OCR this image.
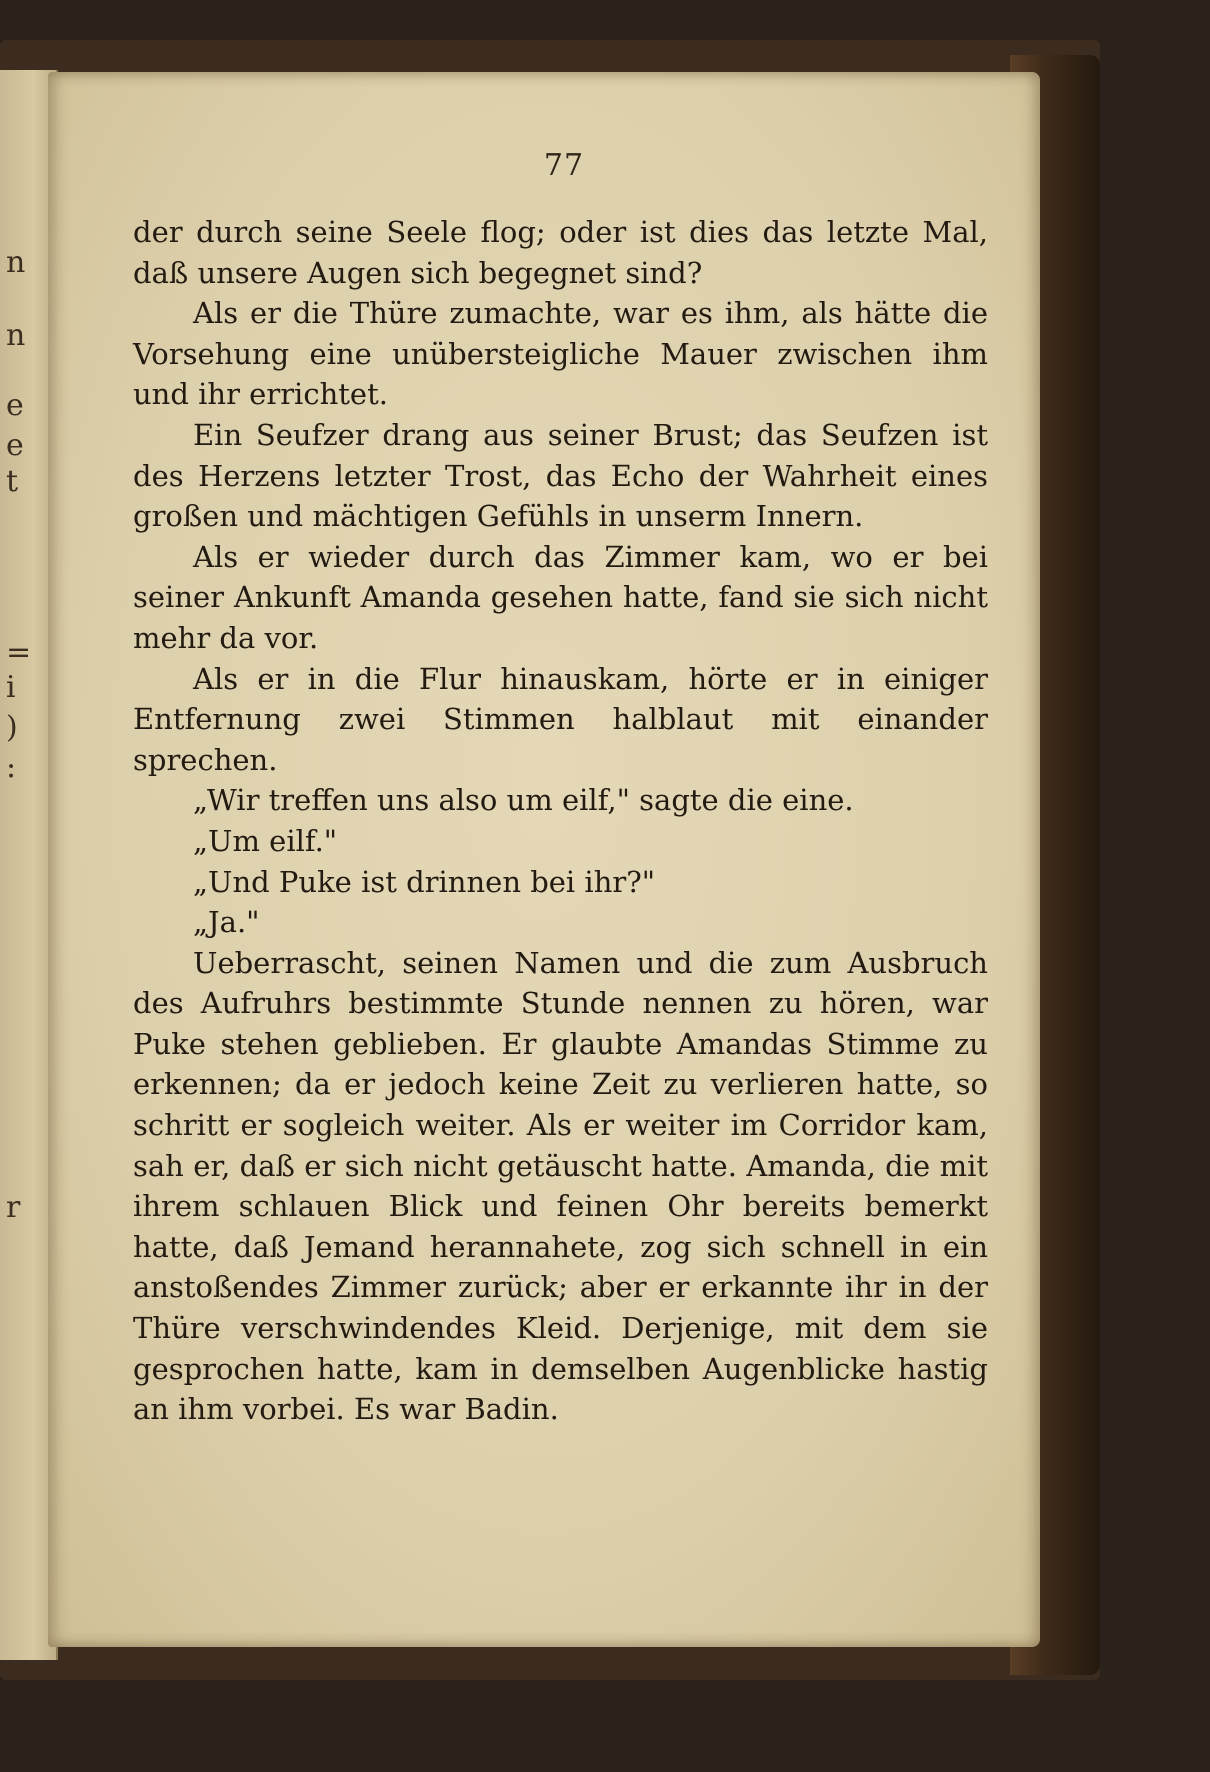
n
n
e
e
t
=
i
)
:
r
77

der durch seine Seele flog; oder ist dies das letzte Mal, daß unsere Augen sich begegnet sind?

Als er die Thüre zumachte, war es ihm, als hätte die Vorsehung eine unübersteigliche Mauer zwischen ihm und ihr errichtet.

Ein Seufzer drang aus seiner Brust; das Seufzen ist des Herzens letzter Trost, das Echo der Wahrheit eines großen und mächtigen Gefühls in unserm Innern.

Als er wieder durch das Zimmer kam, wo er bei seiner Ankunft Amanda gesehen hatte, fand sie sich nicht mehr da vor.

Als er in die Flur hinauskam, hörte er in einiger Entfernung zwei Stimmen halblaut mit einander sprechen.

„Wir treffen uns also um eilf," sagte die eine.

„Um eilf."

„Und Puke ist drinnen bei ihr?"

„Ja."

Ueberrascht, seinen Namen und die zum Ausbruch des Aufruhrs bestimmte Stunde nennen zu hören, war Puke stehen geblieben. Er glaubte Amandas Stimme zu erkennen; da er jedoch keine Zeit zu verlieren hatte, so schritt er sogleich weiter. Als er weiter im Corridor kam, sah er, daß er sich nicht getäuscht hatte. Amanda, die mit ihrem schlauen Blick und feinen Ohr bereits bemerkt hatte, daß Jemand herannahete, zog sich schnell in ein anstoßendes Zimmer zurück; aber er erkannte ihr in der Thüre verschwindendes Kleid. Derjenige, mit dem sie gesprochen hatte, kam in demselben Augenblicke hastig an ihm vorbei. Es war Badin.
